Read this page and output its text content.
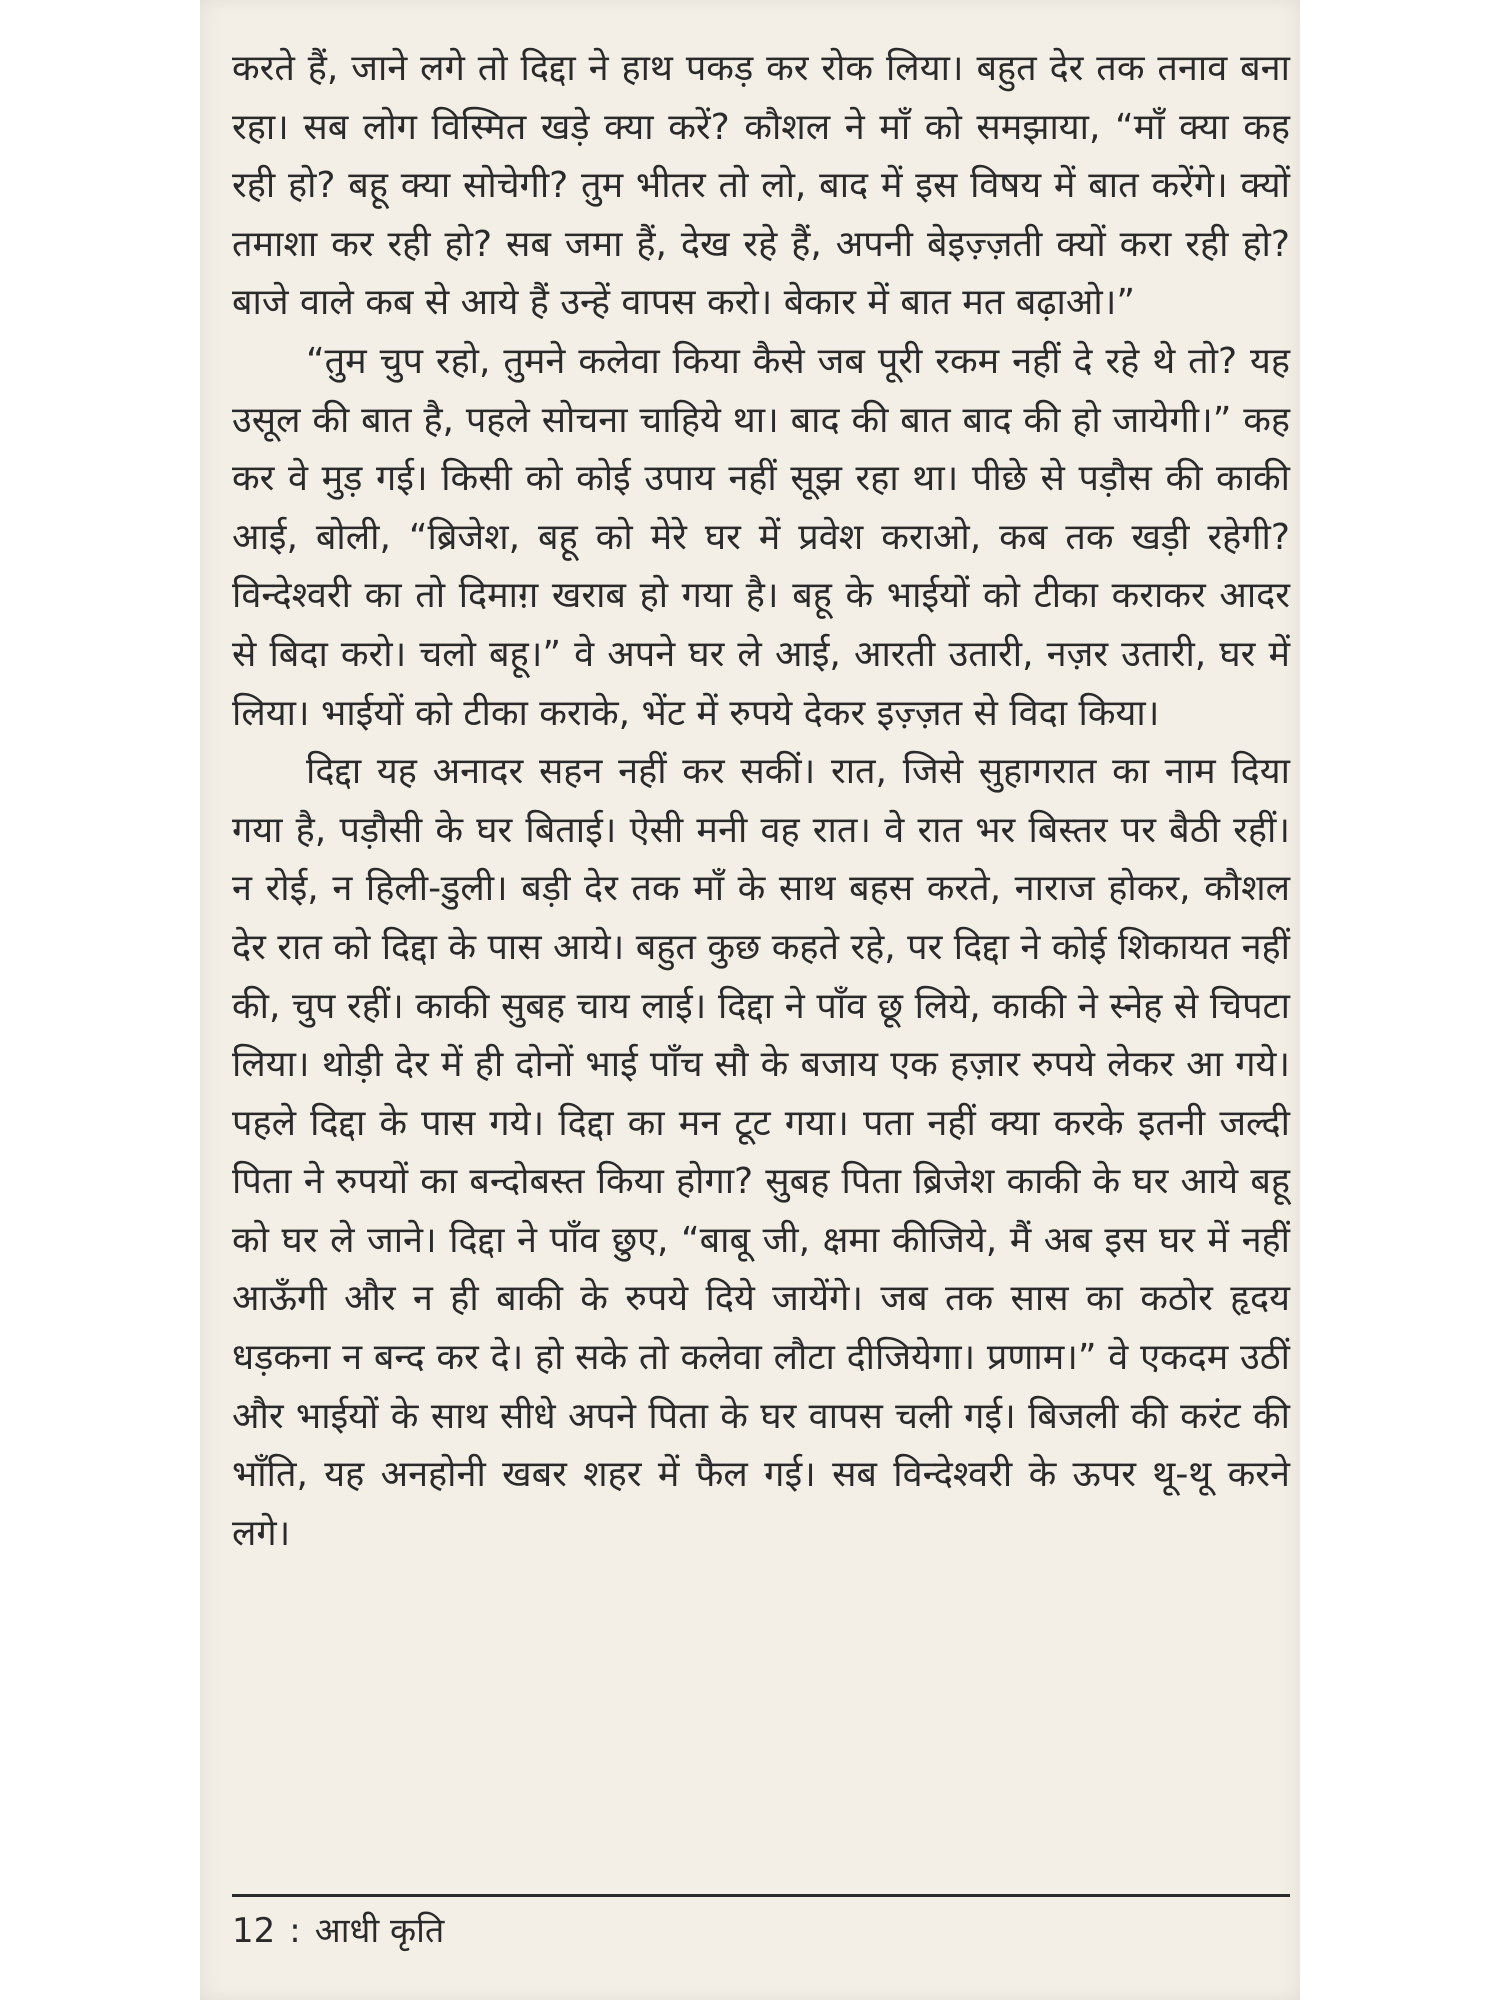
करते हैं, जाने लगे तो दिद्दा ने हाथ पकड़ कर रोक लिया। बहुत देर तक तनाव बना रहा। सब लोग विस्मित खड़े क्या करें? कौशल ने माँ को समझाया, “माँ क्या कह रही हो? बहू क्या सोचेगी? तुम भीतर तो लो, बाद में इस विषय में बात करेंगे। क्यों तमाशा कर रही हो? सब जमा हैं, देख रहे हैं, अपनी बेइज़्ज़ती क्यों करा रही हो? बाजे वाले कब से आये हैं उन्हें वापस करो। बेकार में बात मत बढ़ाओ।”

“तुम चुप रहो, तुमने कलेवा किया कैसे जब पूरी रकम नहीं दे रहे थे तो? यह उसूल की बात है, पहले सोचना चाहिये था। बाद की बात बाद की हो जायेगी।” कह कर वे मुड़ गई। किसी को कोई उपाय नहीं सूझ रहा था। पीछे से पड़ौस की काकी आई, बोली, “ब्रिजेश, बहू को मेरे घर में प्रवेश कराओ, कब तक खड़ी रहेगी? विन्देश्वरी का तो दिमाग़ खराब हो गया है। बहू के भाईयों को टीका कराकर आदर से बिदा करो। चलो बहू।” वे अपने घर ले आई, आरती उतारी, नज़र उतारी, घर में लिया। भाईयों को टीका कराके, भेंट में रुपये देकर इज़्ज़त से विदा किया।

दिद्दा यह अनादर सहन नहीं कर सकीं। रात, जिसे सुहागरात का नाम दिया गया है, पड़ौसी के घर बिताई। ऐसी मनी वह रात। वे रात भर बिस्तर पर बैठी रहीं। न रोई, न हिली-डुली। बड़ी देर तक माँ के साथ बहस करते, नाराज होकर, कौशल देर रात को दिद्दा के पास आये। बहुत कुछ कहते रहे, पर दिद्दा ने कोई शिकायत नहीं की, चुप रहीं। काकी सुबह चाय लाई। दिद्दा ने पाँव छू लिये, काकी ने स्नेह से चिपटा लिया। थोड़ी देर में ही दोनों भाई पाँच सौ के बजाय एक हज़ार रुपये लेकर आ गये। पहले दिद्दा के पास गये। दिद्दा का मन टूट गया। पता नहीं क्या करके इतनी जल्दी पिता ने रुपयों का बन्दोबस्त किया होगा? सुबह पिता ब्रिजेश काकी के घर आये बहू को घर ले जाने। दिद्दा ने पाँव छुए, “बाबू जी, क्षमा कीजिये, मैं अब इस घर में नहीं आऊँगी और न ही बाकी के रुपये दिये जायेंगे। जब तक सास का कठोर हृदय धड़कना न बन्द कर दे। हो सके तो कलेवा लौटा दीजियेगा। प्रणाम।” वे एकदम उठीं और भाईयों के साथ सीधे अपने पिता के घर वापस चली गई। बिजली की करंट की भाँति, यह अनहोनी खबर शहर में फैल गई। सब विन्देश्वरी के ऊपर थू-थू करने लगे।

12 : आधी कृति
